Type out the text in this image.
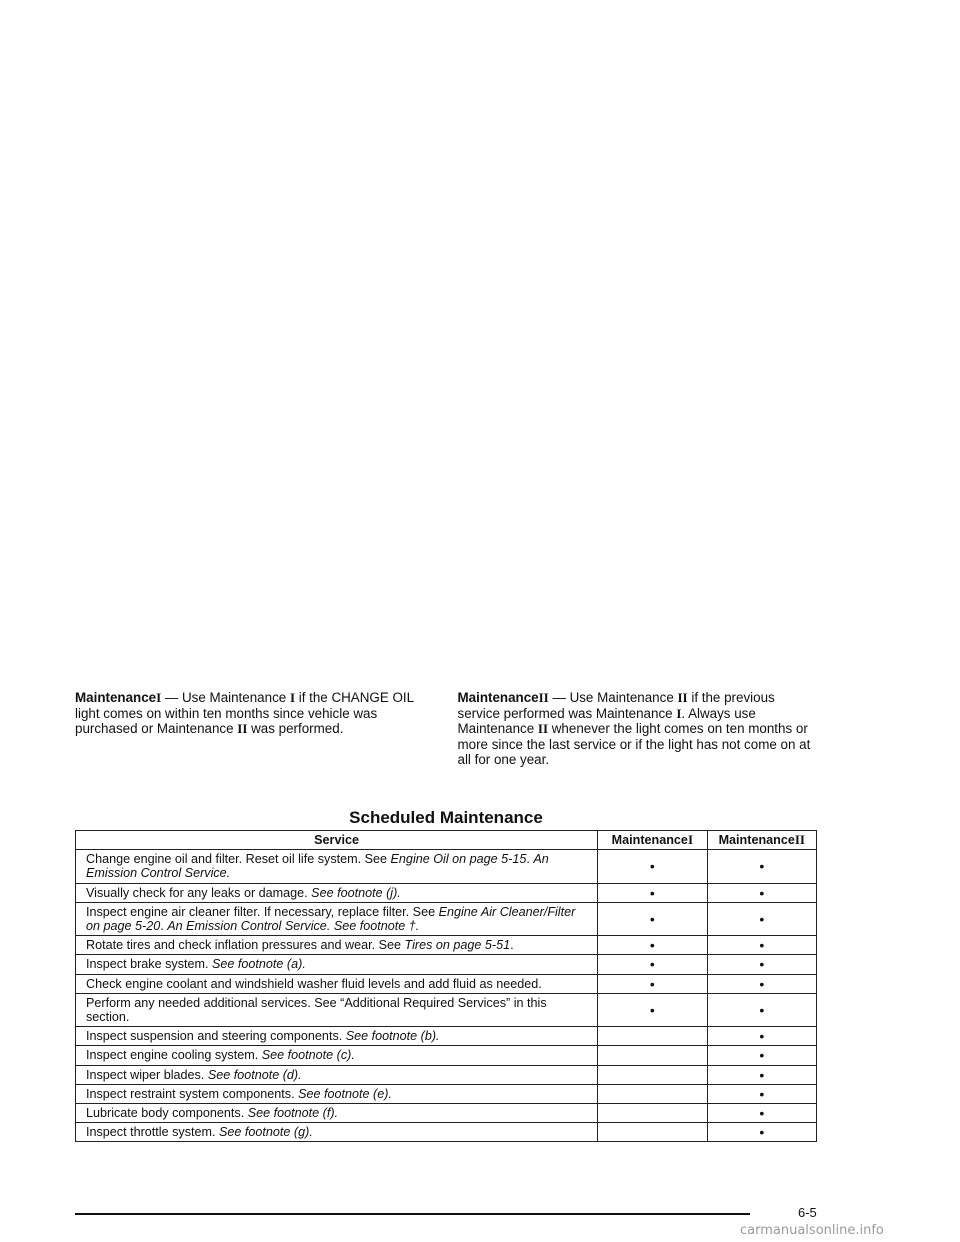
MaintenanceI — Use Maintenance I if the CHANGE OIL light comes on within ten months since vehicle was purchased or Maintenance II was performed.
MaintenanceII — Use Maintenance II if the previous service performed was Maintenance I. Always use Maintenance II whenever the light comes on ten months or more since the last service or if the light has not come on at all for one year.
Scheduled Maintenance
Service	MaintenanceI	MaintenanceII
Change engine oil and filter. Reset oil life system. See Engine Oil on page 5-15. An Emission Control Service.	•	•
Visually check for any leaks or damage. See footnote (j).	•	•
Inspect engine air cleaner filter. If necessary, replace filter. See Engine Air Cleaner/Filter on page 5-20. An Emission Control Service. See footnote †.	•	•
Rotate tires and check inflation pressures and wear. See Tires on page 5-51.	•	•
Inspect brake system. See footnote (a).	•	•
Check engine coolant and windshield washer fluid levels and add fluid as needed.	•	•
Perform any needed additional services. See “Additional Required Services” in this section.	•	•
Inspect suspension and steering components. See footnote (b).		•
Inspect engine cooling system. See footnote (c).		•
Inspect wiper blades. See footnote (d).		•
Inspect restraint system components. See footnote (e).		•
Lubricate body components. See footnote (f).		•
Inspect throttle system. See footnote (g).		•
6-5
carmanualsonline.info
